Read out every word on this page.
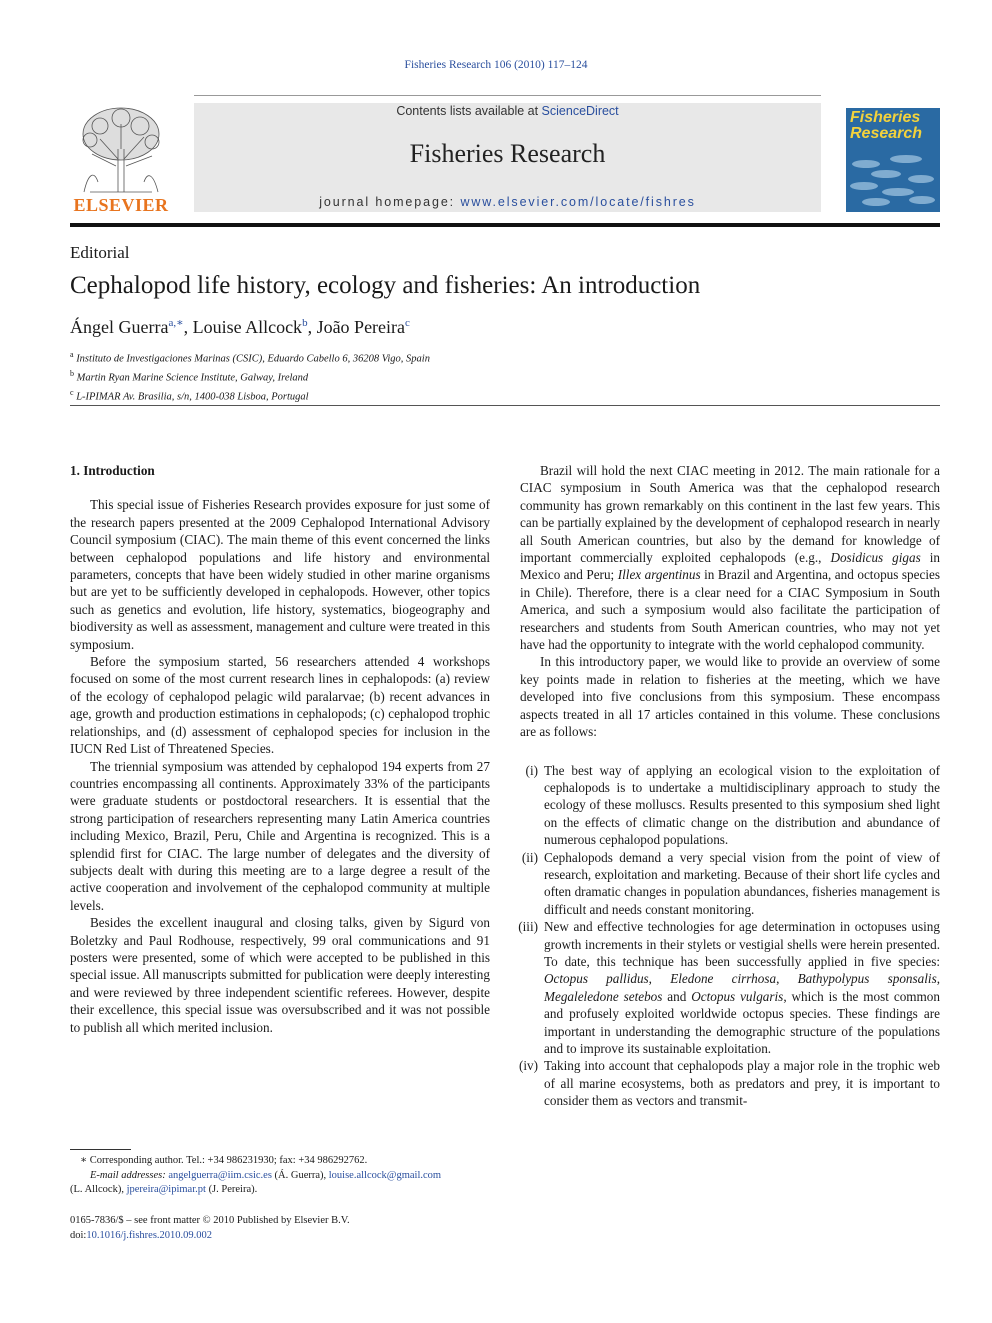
Fisheries Research 106 (2010) 117–124
ELSEVIER
Contents lists available at ScienceDirect
Fisheries Research
journal homepage: www.elsevier.com/locate/fishres
Fisheries
Research
Editorial
Cephalopod life history, ecology and fisheries: An introduction
Ángel Guerra$^{a,∗}$, Louise Allcock$^b$, João Pereira$^c$
$^a$ Instituto de Investigaciones Marinas (CSIC), Eduardo Cabello 6, 36208 Vigo, Spain
$^b$ Martin Ryan Marine Science Institute, Galway, Ireland
$^c$ L-IPIMAR Av. Brasilia, s/n, 1400-038 Lisboa, Portugal
1. Introduction

This special issue of Fisheries Research provides exposure for just some of the research papers presented at the 2009 Cephalopod International Advisory Council symposium (CIAC). The main theme of this event concerned the links between cephalopod populations and life history and environmental parameters, concepts that have been widely studied in other marine organisms but are yet to be sufficiently developed in cephalopods. However, other topics such as genetics and evolution, life history, systematics, biogeography and biodiversity as well as assessment, management and culture were treated in this symposium.

Before the symposium started, 56 researchers attended 4 workshops focused on some of the most current research lines in cephalopods: (a) review of the ecology of cephalopod pelagic wild paralarvae; (b) recent advances in age, growth and production estimations in cephalopods; (c) cephalopod trophic relationships, and (d) assessment of cephalopod species for inclusion in the IUCN Red List of Threatened Species.

The triennial symposium was attended by cephalopod 194 experts from 27 countries encompassing all continents. Approximately 33% of the participants were graduate students or postdoctoral researchers. It is essential that the strong participation of researchers representing many Latin America countries including Mexico, Brazil, Peru, Chile and Argentina is recognized. This is a splendid first for CIAC. The large number of delegates and the diversity of subjects dealt with during this meeting are to a large degree a result of the active cooperation and involvement of the cephalopod community at multiple levels.

Besides the excellent inaugural and closing talks, given by Sigurd von Boletzky and Paul Rodhouse, respectively, 99 oral communications and 91 posters were presented, some of which were accepted to be published in this special issue. All manuscripts submitted for publication were deeply interesting and were reviewed by three independent scientific referees. However, despite their excellence, this special issue was oversubscribed and it was not possible to publish all which merited inclusion.

Brazil will hold the next CIAC meeting in 2012. The main rationale for a CIAC symposium in South America was that the cephalopod research community has grown remarkably on this continent in the last few years. This can be partially explained by the development of cephalopod research in nearly all South American countries, but also by the demand for knowledge of important commercially exploited cephalopods (e.g., Dosidicus gigas in Mexico and Peru; Illex argentinus in Brazil and Argentina, and octopus species in Chile). Therefore, there is a clear need for a CIAC Symposium in South America, and such a symposium would also facilitate the participation of researchers and students from South American countries, who may not yet have had the opportunity to integrate with the world cephalopod community.

In this introductory paper, we would like to provide an overview of some key points made in relation to fisheries at the meeting, which we have developed into five conclusions from this symposium. These encompass aspects treated in all 17 articles contained in this volume. These conclusions are as follows:

(i) The best way of applying an ecological vision to the exploitation of cephalopods is to undertake a multidisciplinary approach to study the ecology of these molluscs. Results presented to this symposium shed light on the effects of climatic change on the distribution and abundance of numerous cephalopod populations.
(ii) Cephalopods demand a very special vision from the point of view of research, exploitation and marketing. Because of their short life cycles and often dramatic changes in population abundances, fisheries management is difficult and needs constant monitoring.
(iii) New and effective technologies for age determination in octopuses using growth increments in their stylets or vestigial shells were herein presented. To date, this technique has been successfully applied in five species: Octopus pallidus, Eledone cirrhosa, Bathypolypus sponsalis, Megaleledone setebos and Octopus vulgaris, which is the most common and profusely exploited worldwide octopus species. These findings are important in understanding the demographic structure of the populations and to improve its sustainable exploitation.
(iv) Taking into account that cephalopods play a major role in the trophic web of all marine ecosystems, both as predators and prey, it is important to consider them as vectors and transmit-
∗ Corresponding author. Tel.: +34 986231930; fax: +34 986292762.
E-mail addresses: angelguerra@iim.csic.es (Á. Guerra), louise.allcock@gmail.com
(L. Allcock), jpereira@ipimar.pt (J. Pereira).
0165-7836/$ – see front matter © 2010 Published by Elsevier B.V.
doi:10.1016/j.fishres.2010.09.002
